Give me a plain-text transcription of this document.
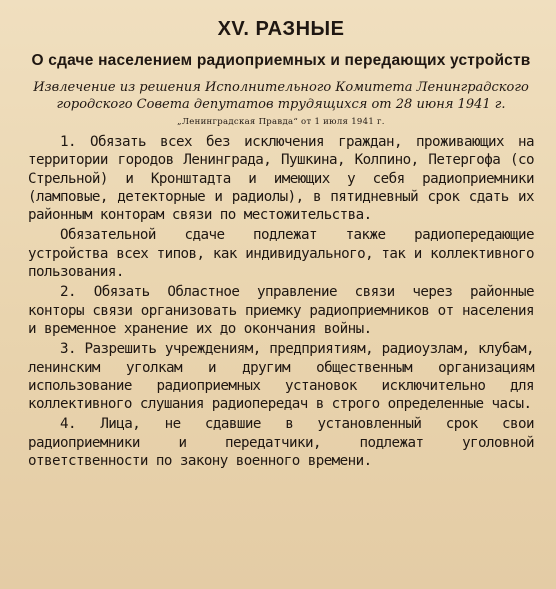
XV. РАЗНЫЕ
О сдаче населением радиоприемных и передающих устройств
Извлечение из решения Исполнительного Комитета Ленинградского городского Совета депутатов трудящихся от 28 июня 1941 г.
„Ленинградская Правда“ от 1 июля 1941 г.

1. Обязать всех без исключения граждан, проживающих на территории городов Ленинграда, Пушкина, Колпино, Петергофа (со Стрельной) и Кронштадта и имеющих у себя радиоприемники (ламповые, детекторные и радиолы), в пятидневный срок сдать их районным конторам связи по местожительства.

Обязательной сдаче подлежат также радиопередающие устройства всех типов, как индивидуального, так и коллективного пользования.

2. Обязать Областное управление связи через районные конторы связи организовать приемку радиоприемников от населения и временное хранение их до окончания войны.

3. Разрешить учреждениям, предприятиям, радиоузлам, клубам, ленинским уголкам и другим общественным организациям использование радиоприемных установок исключительно для коллективного слушания радиопередач в строго определенные часы.

4. Лица, не сдавшие в установленный срок свои радиоприемники и передатчики, подлежат уголовной ответственности по закону военного времени.
